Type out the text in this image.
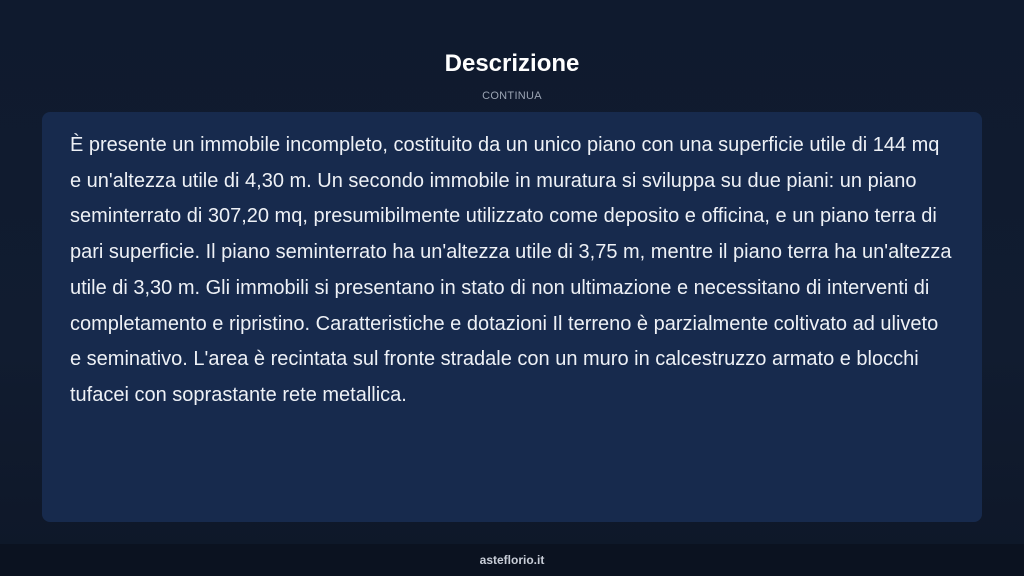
Descrizione
CONTINUA

È presente un immobile incompleto, costituito da un unico piano con una superficie utile di 144 mq e un'altezza utile di 4,30 m. Un secondo immobile in muratura si sviluppa su due piani: un piano seminterrato di 307,20 mq, presumibilmente utilizzato come deposito e officina, e un piano terra di pari superficie. Il piano seminterrato ha un'altezza utile di 3,75 m, mentre il piano terra ha un'altezza utile di 3,30 m. Gli immobili si presentano in stato di non ultimazione e necessitano di interventi di completamento e ripristino. Caratteristiche e dotazioni Il terreno è parzialmente coltivato ad uliveto e seminativo. L'area è recintata sul fronte stradale con un muro in calcestruzzo armato e blocchi tufacei con soprastante rete metallica.

asteflorio.it
